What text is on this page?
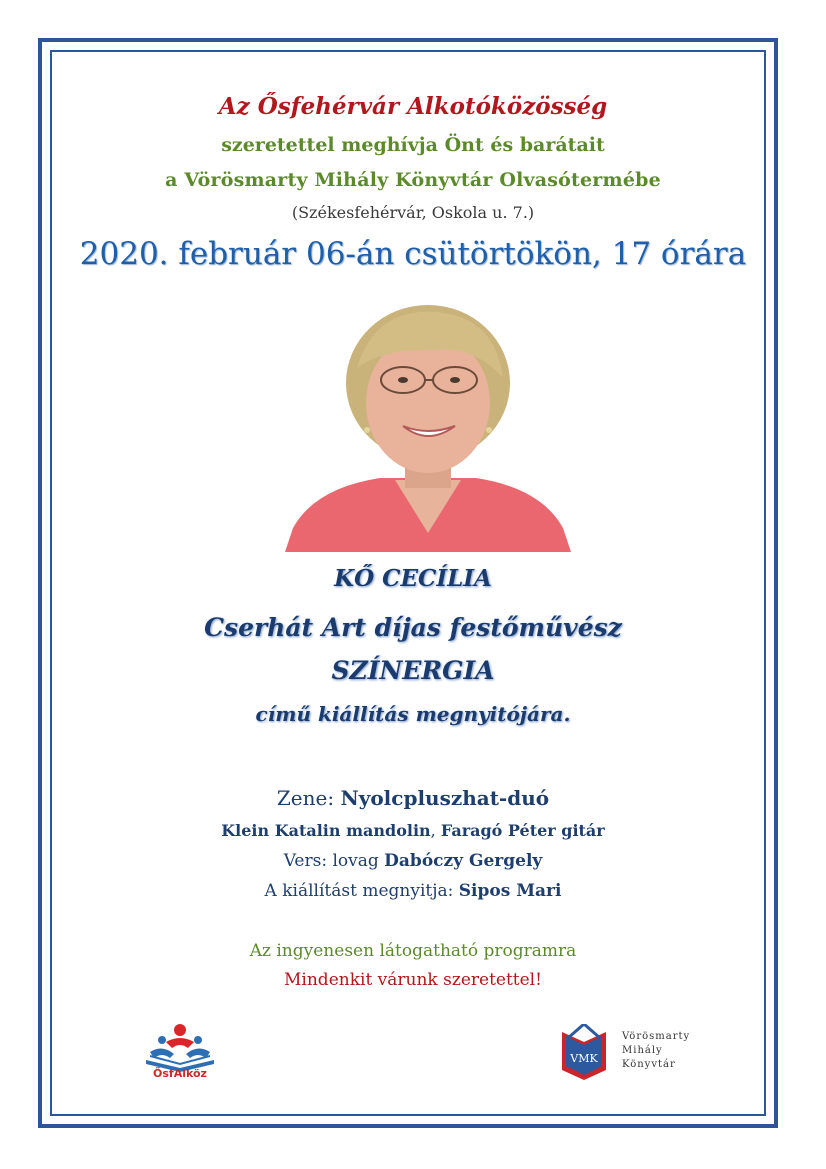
Az Ősfehérvár Alkotóközösség
szeretettel meghívja Önt és barátait
a Vörösmarty Mihály Könyvtár Olvasótermébe
(Székesfehérvár, Oskola u. 7.)
2020. február 06-án csütörtökön, 17 órára
KŐ CECÍLIA
Cserhát Art díjas festőművész
SZÍNERGIA
című kiállítás megnyitójára.
Zene: Nyolcpluszhat-duó
Klein Katalin mandolin, Faragó Péter gitár
Vers: lovag Dabóczy Gergely
A kiállítást megnyitja: Sipos Mari
Az ingyenesen látogatható programra
Mindenkit várunk szeretettel!
ŐsfAlköz
VMK
Vörösmarty
Mihály
Könyvtár
